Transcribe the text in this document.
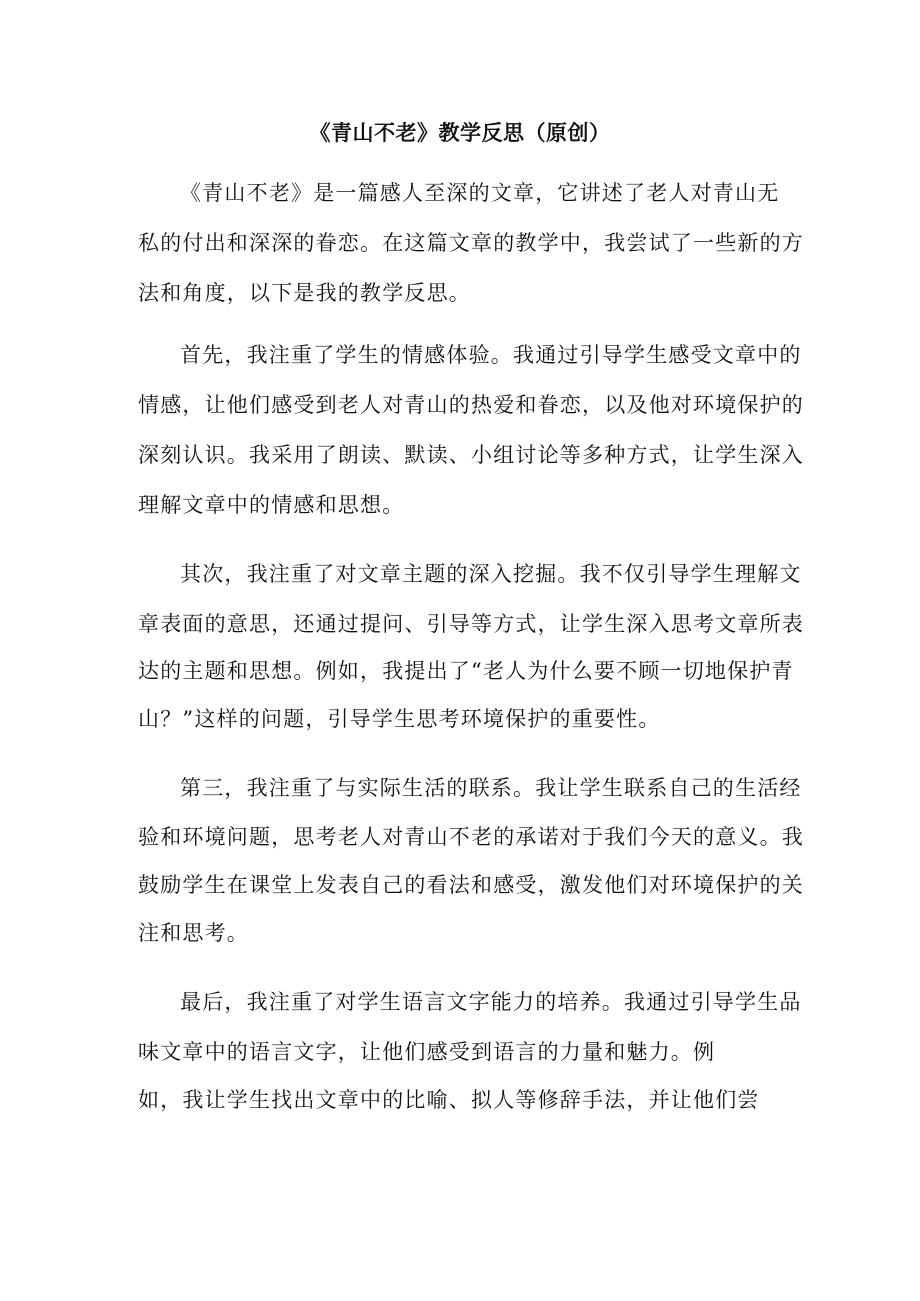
《青山不老》教学反思（原创）
《青山不老》是一篇感人至深的文章，它讲述了老人对青山无
私的付出和深深的眷恋。在这篇文章的教学中，我尝试了一些新的方
法和角度，以下是我的教学反思。
首先，我注重了学生的情感体验。我通过引导学生感受文章中的
情感，让他们感受到老人对青山的热爱和眷恋，以及他对环境保护的
深刻认识。我采用了朗读、默读、小组讨论等多种方式，让学生深入
理解文章中的情感和思想。
其次，我注重了对文章主题的深入挖掘。我不仅引导学生理解文
章表面的意思，还通过提问、引导等方式，让学生深入思考文章所表
达的主题和思想。例如，我提出了“老人为什么要不顾一切地保护青
山？”这样的问题，引导学生思考环境保护的重要性。
第三，我注重了与实际生活的联系。我让学生联系自己的生活经
验和环境问题，思考老人对青山不老的承诺对于我们今天的意义。我
鼓励学生在课堂上发表自己的看法和感受，激发他们对环境保护的关
注和思考。
最后，我注重了对学生语言文字能力的培养。我通过引导学生品
味文章中的语言文字，让他们感受到语言的力量和魅力。例
如，我让学生找出文章中的比喻、拟人等修辞手法，并让他们尝
